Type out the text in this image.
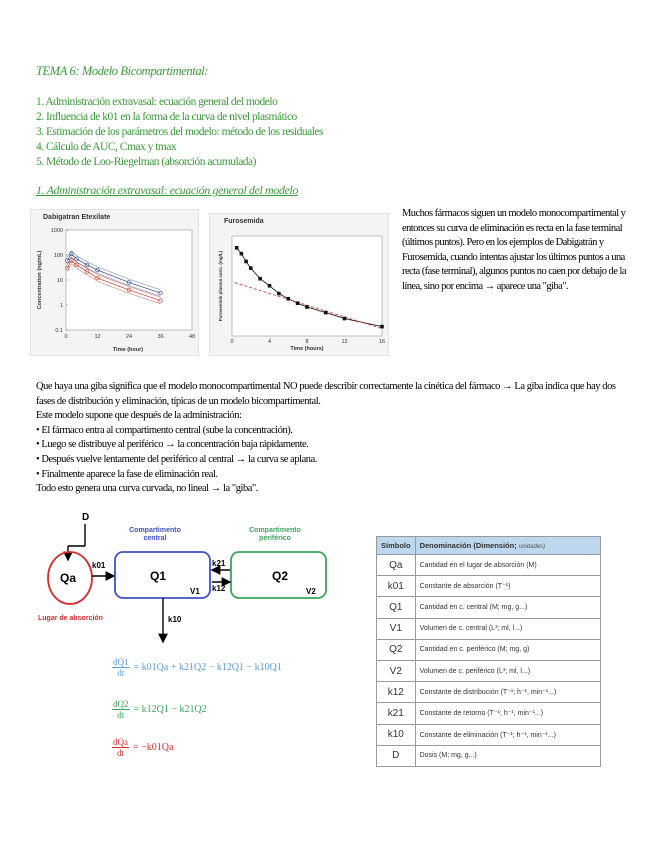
TEMA 6: Modelo Bicompartimental:
1. Administración extravasal: ecuación general del modelo
2. Influencia de k01 en la forma de la curva de nivel plasmático
3. Estimación de los parámetros del modelo: método de los residuales
4. Cálculo de AUC, Cmax y tmax
5. Método de Loo-Riegelman (absorción acumulada)
1. Administración extravasal: ecuación general del modelo
Dabigatran Etexilate
0.1
1
10
100
1000
0	12	24	36	48
Time (hour)
Concentration (ng/mL)
Furosemida
0	4	8	12	16
Time (hours)
Furosemide plasma conc. (mg/L)
Muchos fármacos siguen un modelo monocompartimental y entonces su curva de eliminación es recta en la fase terminal (últimos puntos). Pero en los ejemplos de Dabigatrán y Furosemida, cuando intentas ajustar los últimos puntos a una recta (fase terminal), algunos puntos no caen por debajo de la línea, sino por encima → aparece una "giba".

Que haya una giba significa que el modelo monocompartimental NO puede describir correctamente la cinética del fármaco → La giba indica que hay dos fases de distribución y eliminación, típicas de un modelo bicompartimental.

Este modelo supone que después de la administración:

• El fármaco entra al compartimento central (sube la concentración).
• Luego se distribuye al periférico → la concentración baja rápidamente.
• Después vuelve lentamente del periférico al central → la curva se aplana.
• Finalmente aparece la fase de eliminación real.

Todo esto genera una curva curvada, no lineal → la "giba".

D
Qa
Lugar de absorción
Compartimento
central
Q1
V1
Compartimento
periférico
Q2
V2
k01	k21
k12
k10
$\frac{dQ1}{dt} = k01Qa + k21Q2 - k12Q1 - k10Q1$
$\frac{dQ2}{dt} = k12Q1 - k21Q2$
$\frac{\text{dQa}}{dt} = -k01Qa$
Símbolo	Denominación (Dimensión; unidades)
Qa	Cantidad en el lugar de absorción (M)
k01	Constante de absorción (T⁻¹)
Q1	Cantidad en c. central (M; mg, g...)
V1	Volumen de c. central (L³; ml, l...)
Q2	Cantidad en c. periférico (M; mg, g)
V2	Volumen de c. periférico (L³; ml, l...)
k12	Constante de distribución (T⁻¹; h⁻¹, min⁻¹...)
k21	Constante de retorno (T⁻¹; h⁻¹, min⁻¹...)
k10	Constante de eliminación (T⁻¹; h⁻¹, min⁻¹...)
D	Dosis (M; mg, g...)
